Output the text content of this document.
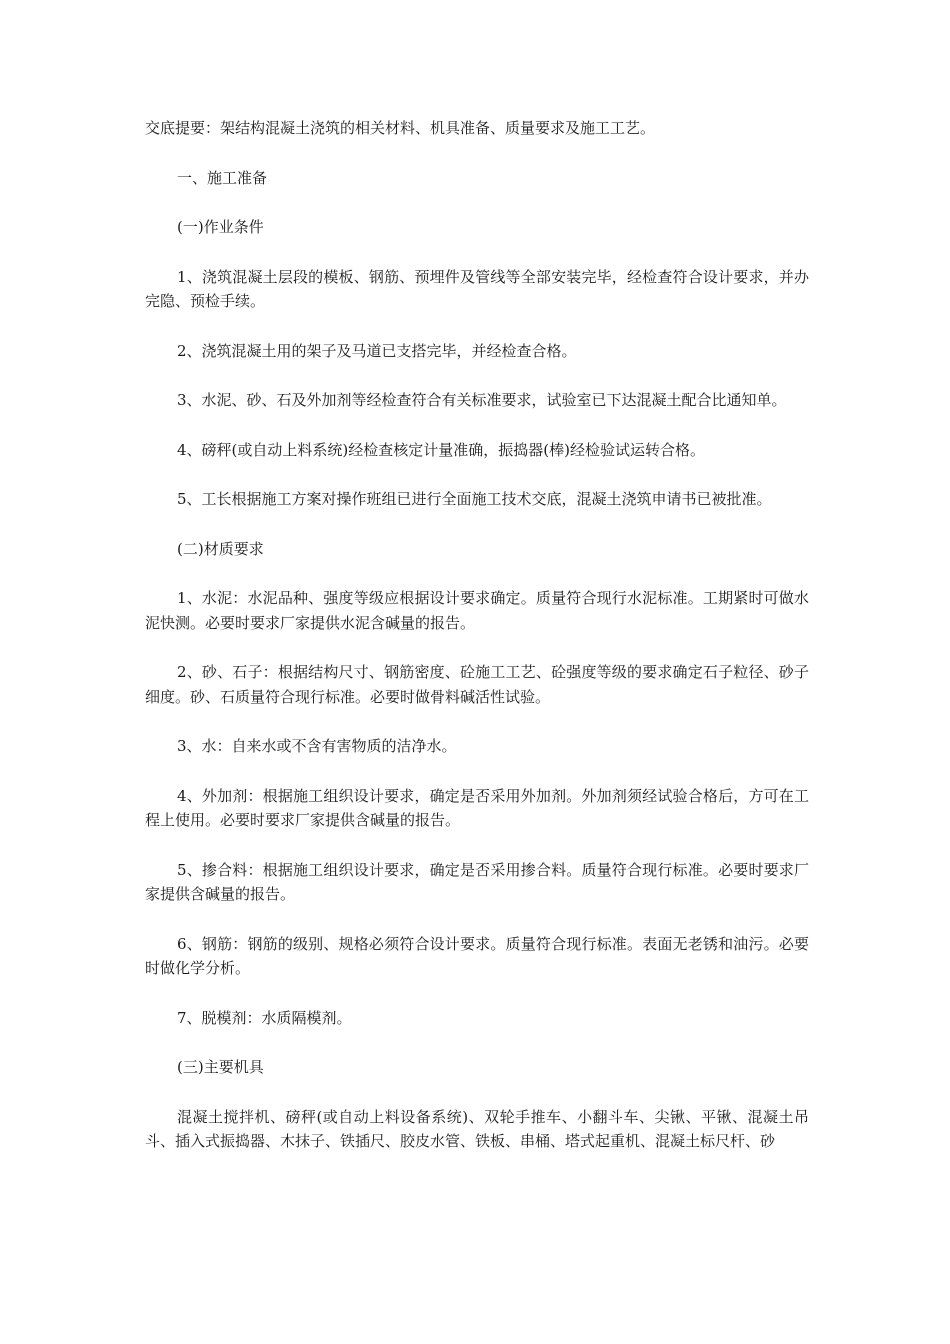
交底提要：架结构混凝土浇筑的相关材料、机具准备、质量要求及施工工艺。

一、施工准备

(一)作业条件

1、浇筑混凝土层段的模板、钢筋、预埋件及管线等全部安装完毕，经检查符合设计要求，并办完隐、预检手续。

2、浇筑混凝土用的架子及马道已支搭完毕，并经检查合格。

3、水泥、砂、石及外加剂等经检查符合有关标准要求，试验室已下达混凝土配合比通知单。

4、磅秤(或自动上料系统)经检查核定计量准确，振捣器(棒)经检验试运转合格。

5、工长根据施工方案对操作班组已进行全面施工技术交底，混凝土浇筑申请书已被批准。

(二)材质要求

1、水泥：水泥品种、强度等级应根据设计要求确定。质量符合现行水泥标准。工期紧时可做水泥快测。必要时要求厂家提供水泥含碱量的报告。

2、砂、石子：根据结构尺寸、钢筋密度、砼施工工艺、砼强度等级的要求确定石子粒径、砂子细度。砂、石质量符合现行标准。必要时做骨料碱活性试验。

3、水：自来水或不含有害物质的洁净水。

4、外加剂：根据施工组织设计要求，确定是否采用外加剂。外加剂须经试验合格后，方可在工程上使用。必要时要求厂家提供含碱量的报告。

5、掺合料：根据施工组织设计要求，确定是否采用掺合料。质量符合现行标准。必要时要求厂家提供含碱量的报告。

6、钢筋：钢筋的级别、规格必须符合设计要求。质量符合现行标准。表面无老锈和油污。必要时做化学分析。

7、脱模剂：水质隔模剂。

(三)主要机具

混凝土搅拌机、磅秤(或自动上料设备系统)、双轮手推车、小翻斗车、尖锹、平锹、混凝土吊斗、插入式振捣器、木抹子、铁插尺、胶皮水管、铁板、串桶、塔式起重机、混凝土标尺杆、砂
